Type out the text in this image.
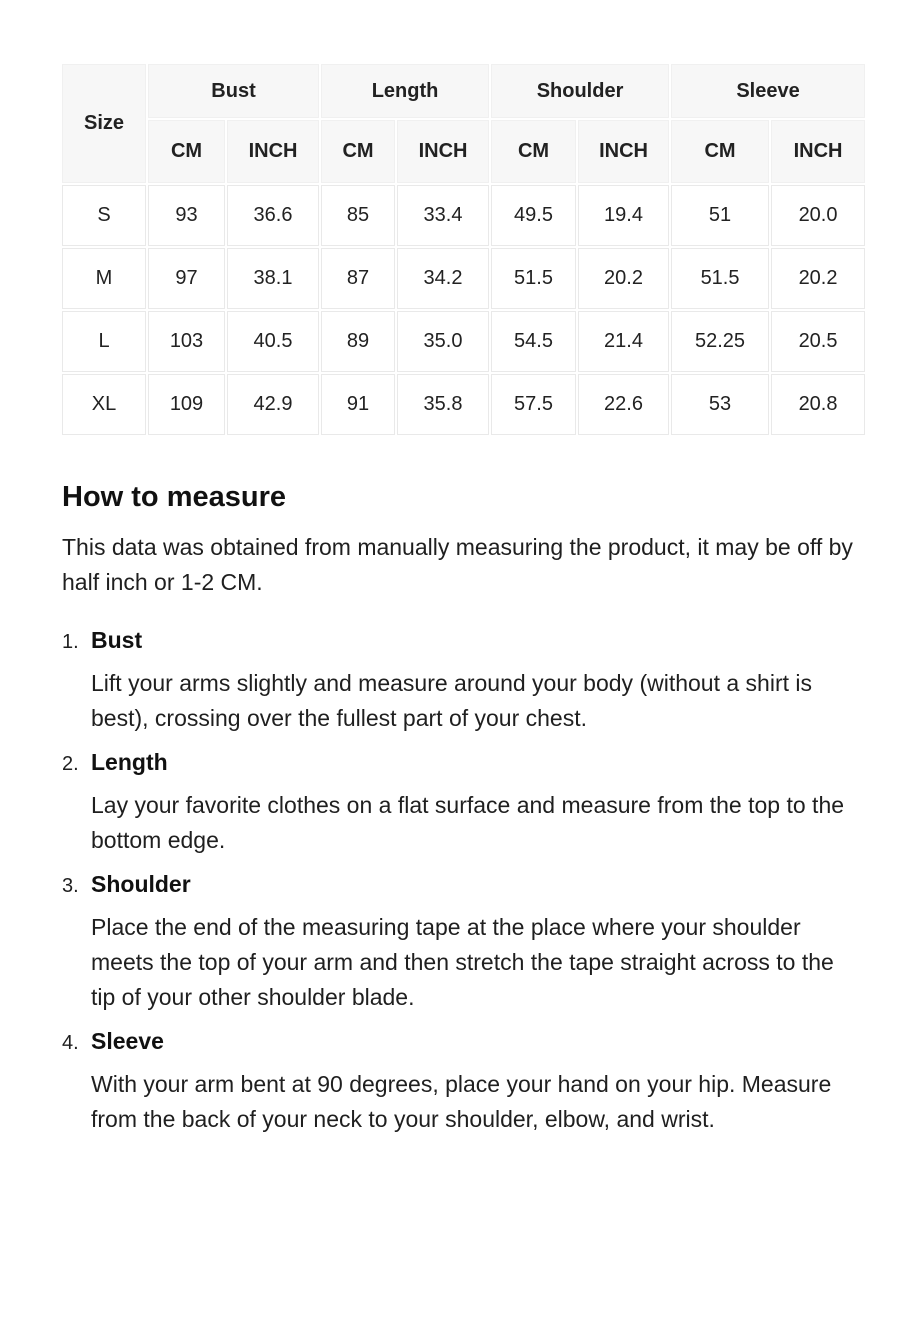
Size	Bust		Length		Shoulder		Sleeve	
	CM	INCH	CM	INCH	CM	INCH	CM	INCH
S	93	36.6	85	33.4	49.5	19.4	51	20.0
M	97	38.1	87	34.2	51.5	20.2	51.5	20.2
L	103	40.5	89	35.0	54.5	21.4	52.25	20.5
XL	109	42.9	91	35.8	57.5	22.6	53	20.8
How to measure

This data was obtained from manually measuring the product, it may be off by half inch or 1-2 CM.

1. Bust

Lift your arms slightly and measure around your body (without a shirt is best), crossing over the fullest part of your chest.

2. Length

Lay your favorite clothes on a flat surface and measure from the top to the bottom edge.

3. Shoulder

Place the end of the measuring tape at the place where your shoulder meets the top of your arm and then stretch the tape straight across to the tip of your other shoulder blade.

4. Sleeve

With your arm bent at 90 degrees, place your hand on your hip. Measure from the back of your neck to your shoulder, elbow, and wrist.
